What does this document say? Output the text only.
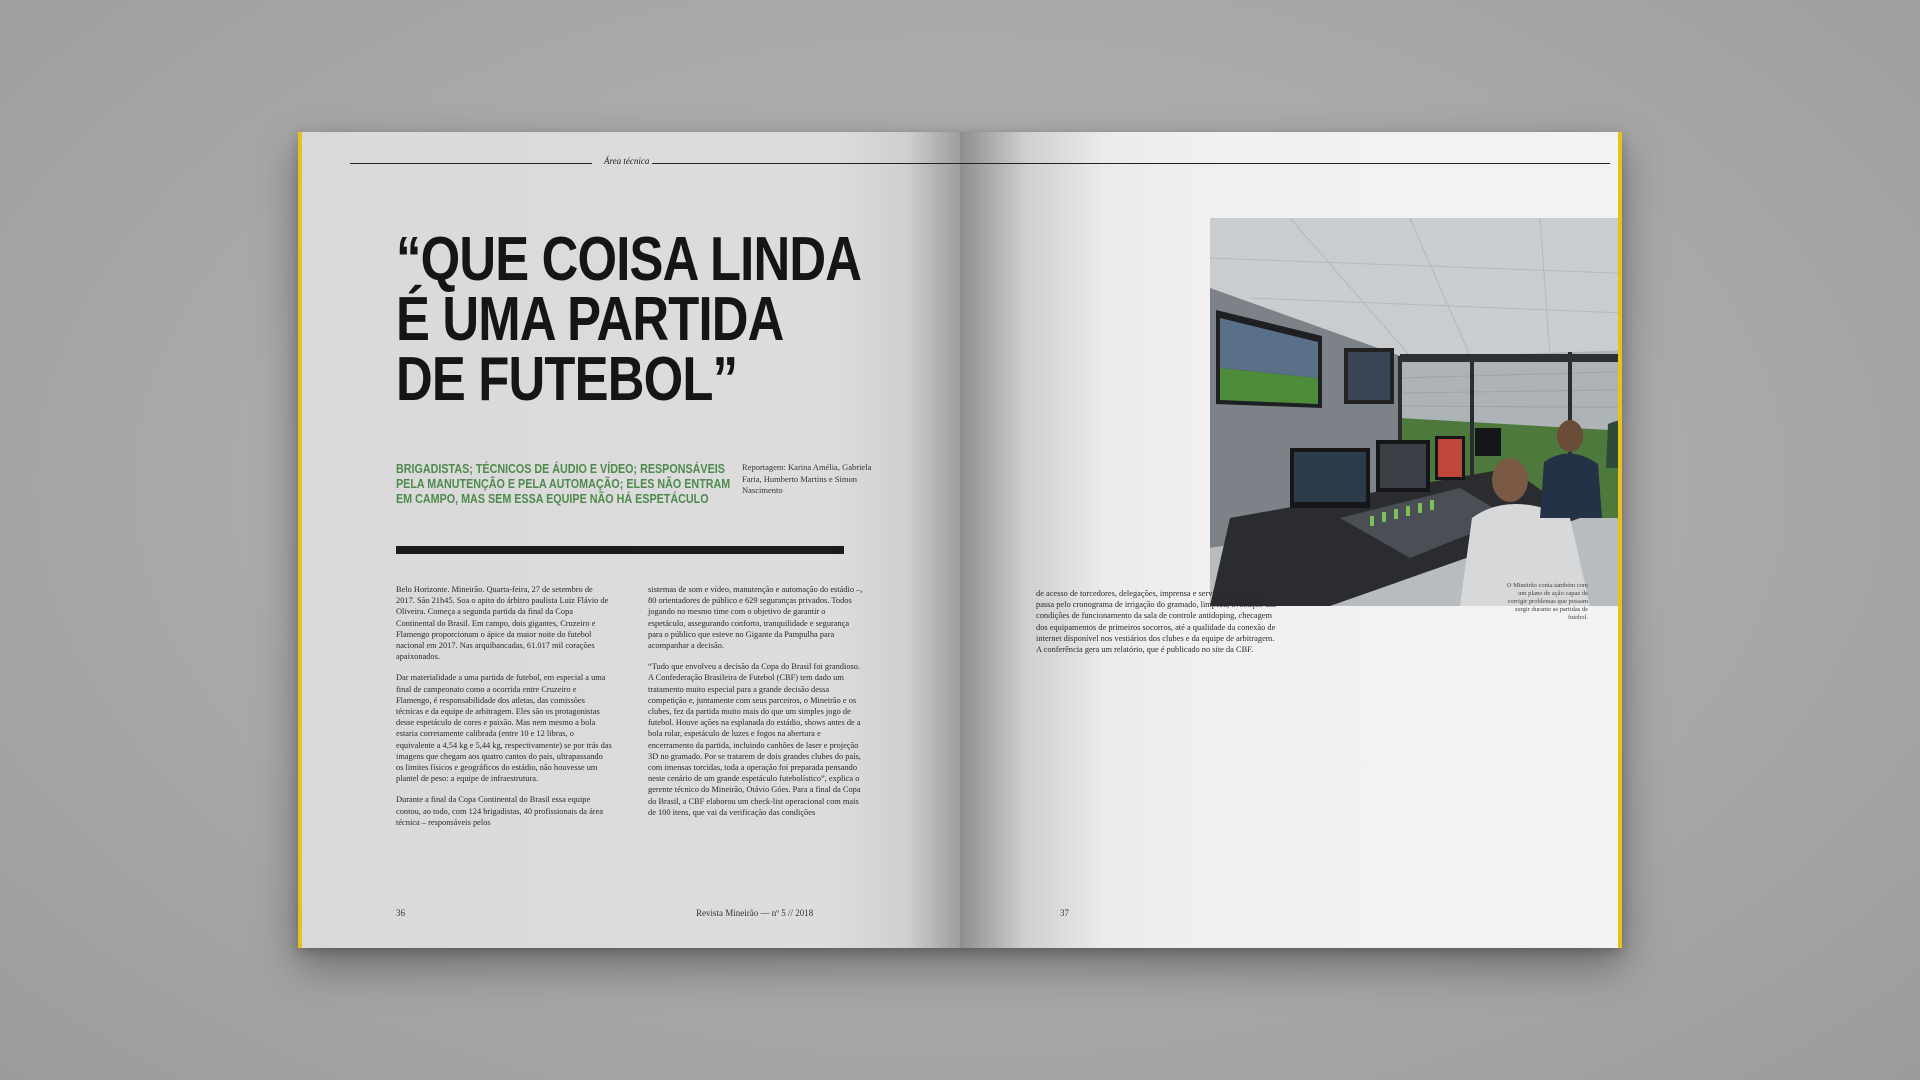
Área técnica
“QUE COISA LINDA
É UMA PARTIDA
DE FUTEBOL”
BRIGADISTAS; TÉCNICOS DE ÁUDIO E VÍDEO; RESPONSÁVEIS PELA MANUTENÇÃO E PELA AUTOMAÇÃO; ELES NÃO ENTRAM EM CAMPO, MAS SEM ESSA EQUIPE NÃO HÁ ESPETÁCULO
Reportagem: Karina Amélia, Gabriela Faria, Humberto Martins e Simon Nascimento

Belo Horizonte. Mineirão. Quarta-feira, 27 de setembro de 2017. São 21h45. Soa o apito do árbitro paulista Luiz Flávio de Oliveira. Começa a segunda partida da final da Copa Continental do Brasil. Em campo, dois gigantes, Cruzeiro e Flamengo proporcionam o ápice da maior noite do futebol nacional em 2017. Nas arquibancadas, 61.017 mil corações apaixonados.

Dar materialidade a uma partida de futebol, em especial a uma final de campeonato como a ocorrida entre Cruzeiro e Flamengo, é responsabilidade dos atletas, das comissões técnicas e da equipe de arbitragem. Eles são os protagonistas desse espetáculo de cores e paixão. Mas nem mesmo a bola estaria corretamente calibrada (entre 10 e 12 libras, o equivalente a 4,54 kg e 5,44 kg, respectivamente) se por trás das imagens que chegam aos quatro cantos do país, ultrapassando os limites físicos e geográficos do estádio, não houvesse um plantel de peso: a equipe de infraestrutura.

Durante a final da Copa Continental do Brasil essa equipe contou, ao todo, com 124 brigadistas, 40 profissionais da área técnica – responsáveis pelos

sistemas de som e vídeo, manutenção e automação do estádio –, 80 orientadores de público e 629 seguranças privados. Todos jogando no mesmo time com o objetivo de garantir o espetáculo, assegurando conforto, tranquilidade e segurança para o público que esteve no Gigante da Pampulha para acompanhar a decisão.

“Tudo que envolveu a decisão da Copa do Brasil foi grandioso. A Confederação Brasileira de Futebol (CBF) tem dado um tratamento muito especial para a grande decisão dessa competição e, juntamente com seus parceiros, o Mineirão e os clubes, fez da partida muito mais do que um simples jogo de futebol. Houve ações na esplanada do estádio, shows antes de a bola rolar, espetáculo de luzes e fogos na abertura e encerramento da partida, incluindo canhões de laser e projeção 3D no gramado. Por se tratarem de dois grandes clubes do país, com imensas torcidas, toda a operação foi preparada pensando neste cenário de um grande espetáculo futebolístico”, explica o gerente técnico do Mineirão, Otávio Góes. Para a final da Copa do Brasil, a CBF elaborou um check-list operacional com mais de 100 itens, que vai da verificação das condições

36	Revista Mineirão — nº 5 // 2018
de acesso de torcedores, delegações, imprensa e serviços ao estádio, passa pelo cronograma de irrigação do gramado, limpeza, avaliação das condições de funcionamento da sala de controle antidoping, checagem dos equipamentos de primeiros socorros, até a qualidade da conexão de internet disponível nos vestiários dos clubes e da equipe de arbitragem. A conferência gera um relatório, que é publicado no site da CBF.
O Mineirão conta também com um plano de ação capaz de corrigir problemas que possam surgir durante as partidas de futebol.
37
